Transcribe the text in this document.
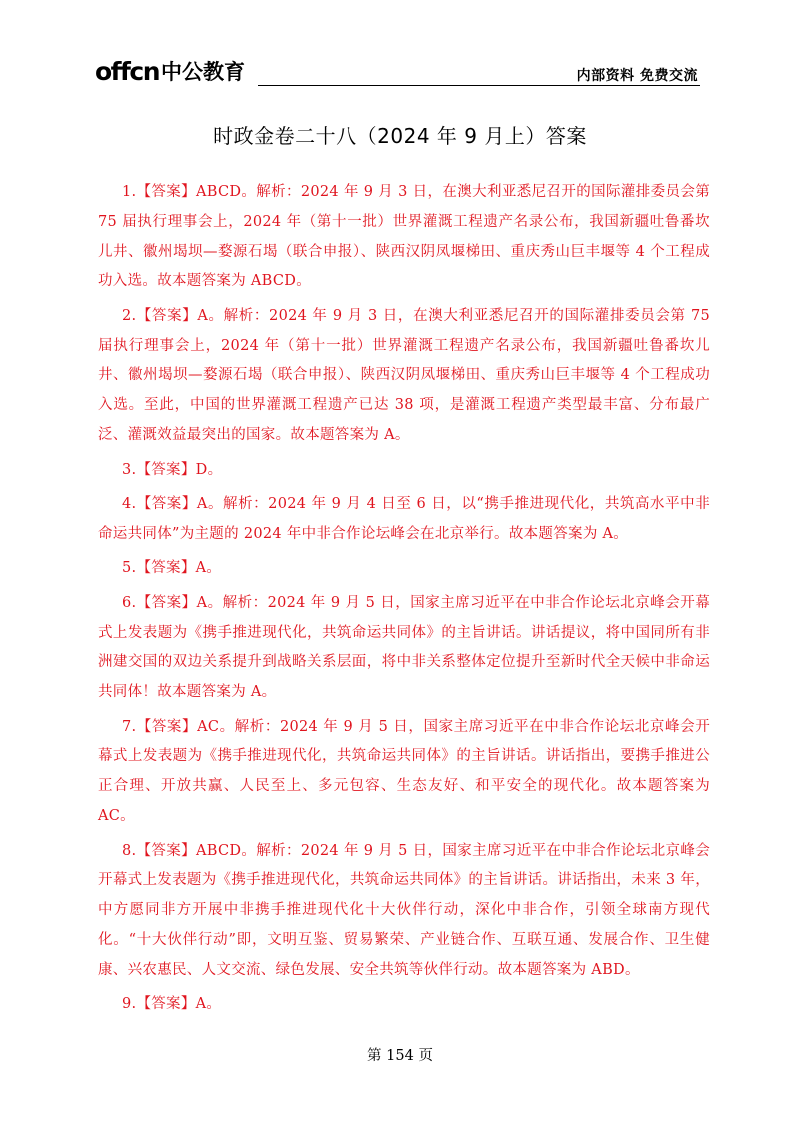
offcn 中公教育	内部资料 免费交流
时政金卷二十八（2024 年 9 月上）答案

1.【答案】ABCD。解析：2024 年 9 月 3 日，在澳大利亚悉尼召开的国际灌排委员会第 75 届执行理事会上，2024 年（第十一批）世界灌溉工程遗产名录公布，我国新疆吐鲁番坎儿井、徽州堨坝—婺源石堨（联合申报）、陕西汉阴凤堰梯田、重庆秀山巨丰堰等 4 个工程成功入选。故本题答案为 ABCD。

2.【答案】A。解析：2024 年 9 月 3 日，在澳大利亚悉尼召开的国际灌排委员会第 75 届执行理事会上，2024 年（第十一批）世界灌溉工程遗产名录公布，我国新疆吐鲁番坎儿井、徽州堨坝—婺源石堨（联合申报）、陕西汉阴凤堰梯田、重庆秀山巨丰堰等 4 个工程成功入选。至此，中国的世界灌溉工程遗产已达 38 项，是灌溉工程遗产类型最丰富、分布最广泛、灌溉效益最突出的国家。故本题答案为 A。

3.【答案】D。

4.【答案】A。解析：2024 年 9 月 4 日至 6 日，以“携手推进现代化，共筑高水平中非命运共同体”为主题的 2024 年中非合作论坛峰会在北京举行。故本题答案为 A。

5.【答案】A。

6.【答案】A。解析：2024 年 9 月 5 日，国家主席习近平在中非合作论坛北京峰会开幕式上发表题为《携手推进现代化，共筑命运共同体》的主旨讲话。讲话提议，将中国同所有非洲建交国的双边关系提升到战略关系层面，将中非关系整体定位提升至新时代全天候中非命运共同体！故本题答案为 A。

7.【答案】AC。解析：2024 年 9 月 5 日，国家主席习近平在中非合作论坛北京峰会开幕式上发表题为《携手推进现代化，共筑命运共同体》的主旨讲话。讲话指出，要携手推进公正合理、开放共赢、人民至上、多元包容、生态友好、和平安全的现代化。故本题答案为 AC。

8.【答案】ABCD。解析：2024 年 9 月 5 日，国家主席习近平在中非合作论坛北京峰会开幕式上发表题为《携手推进现代化，共筑命运共同体》的主旨讲话。讲话指出，未来 3 年，中方愿同非方开展中非携手推进现代化十大伙伴行动，深化中非合作，引领全球南方现代化。“十大伙伴行动”即，文明互鉴、贸易繁荣、产业链合作、互联互通、发展合作、卫生健康、兴农惠民、人文交流、绿色发展、安全共筑等伙伴行动。故本题答案为 ABD。

9.【答案】A。

第 154 页
